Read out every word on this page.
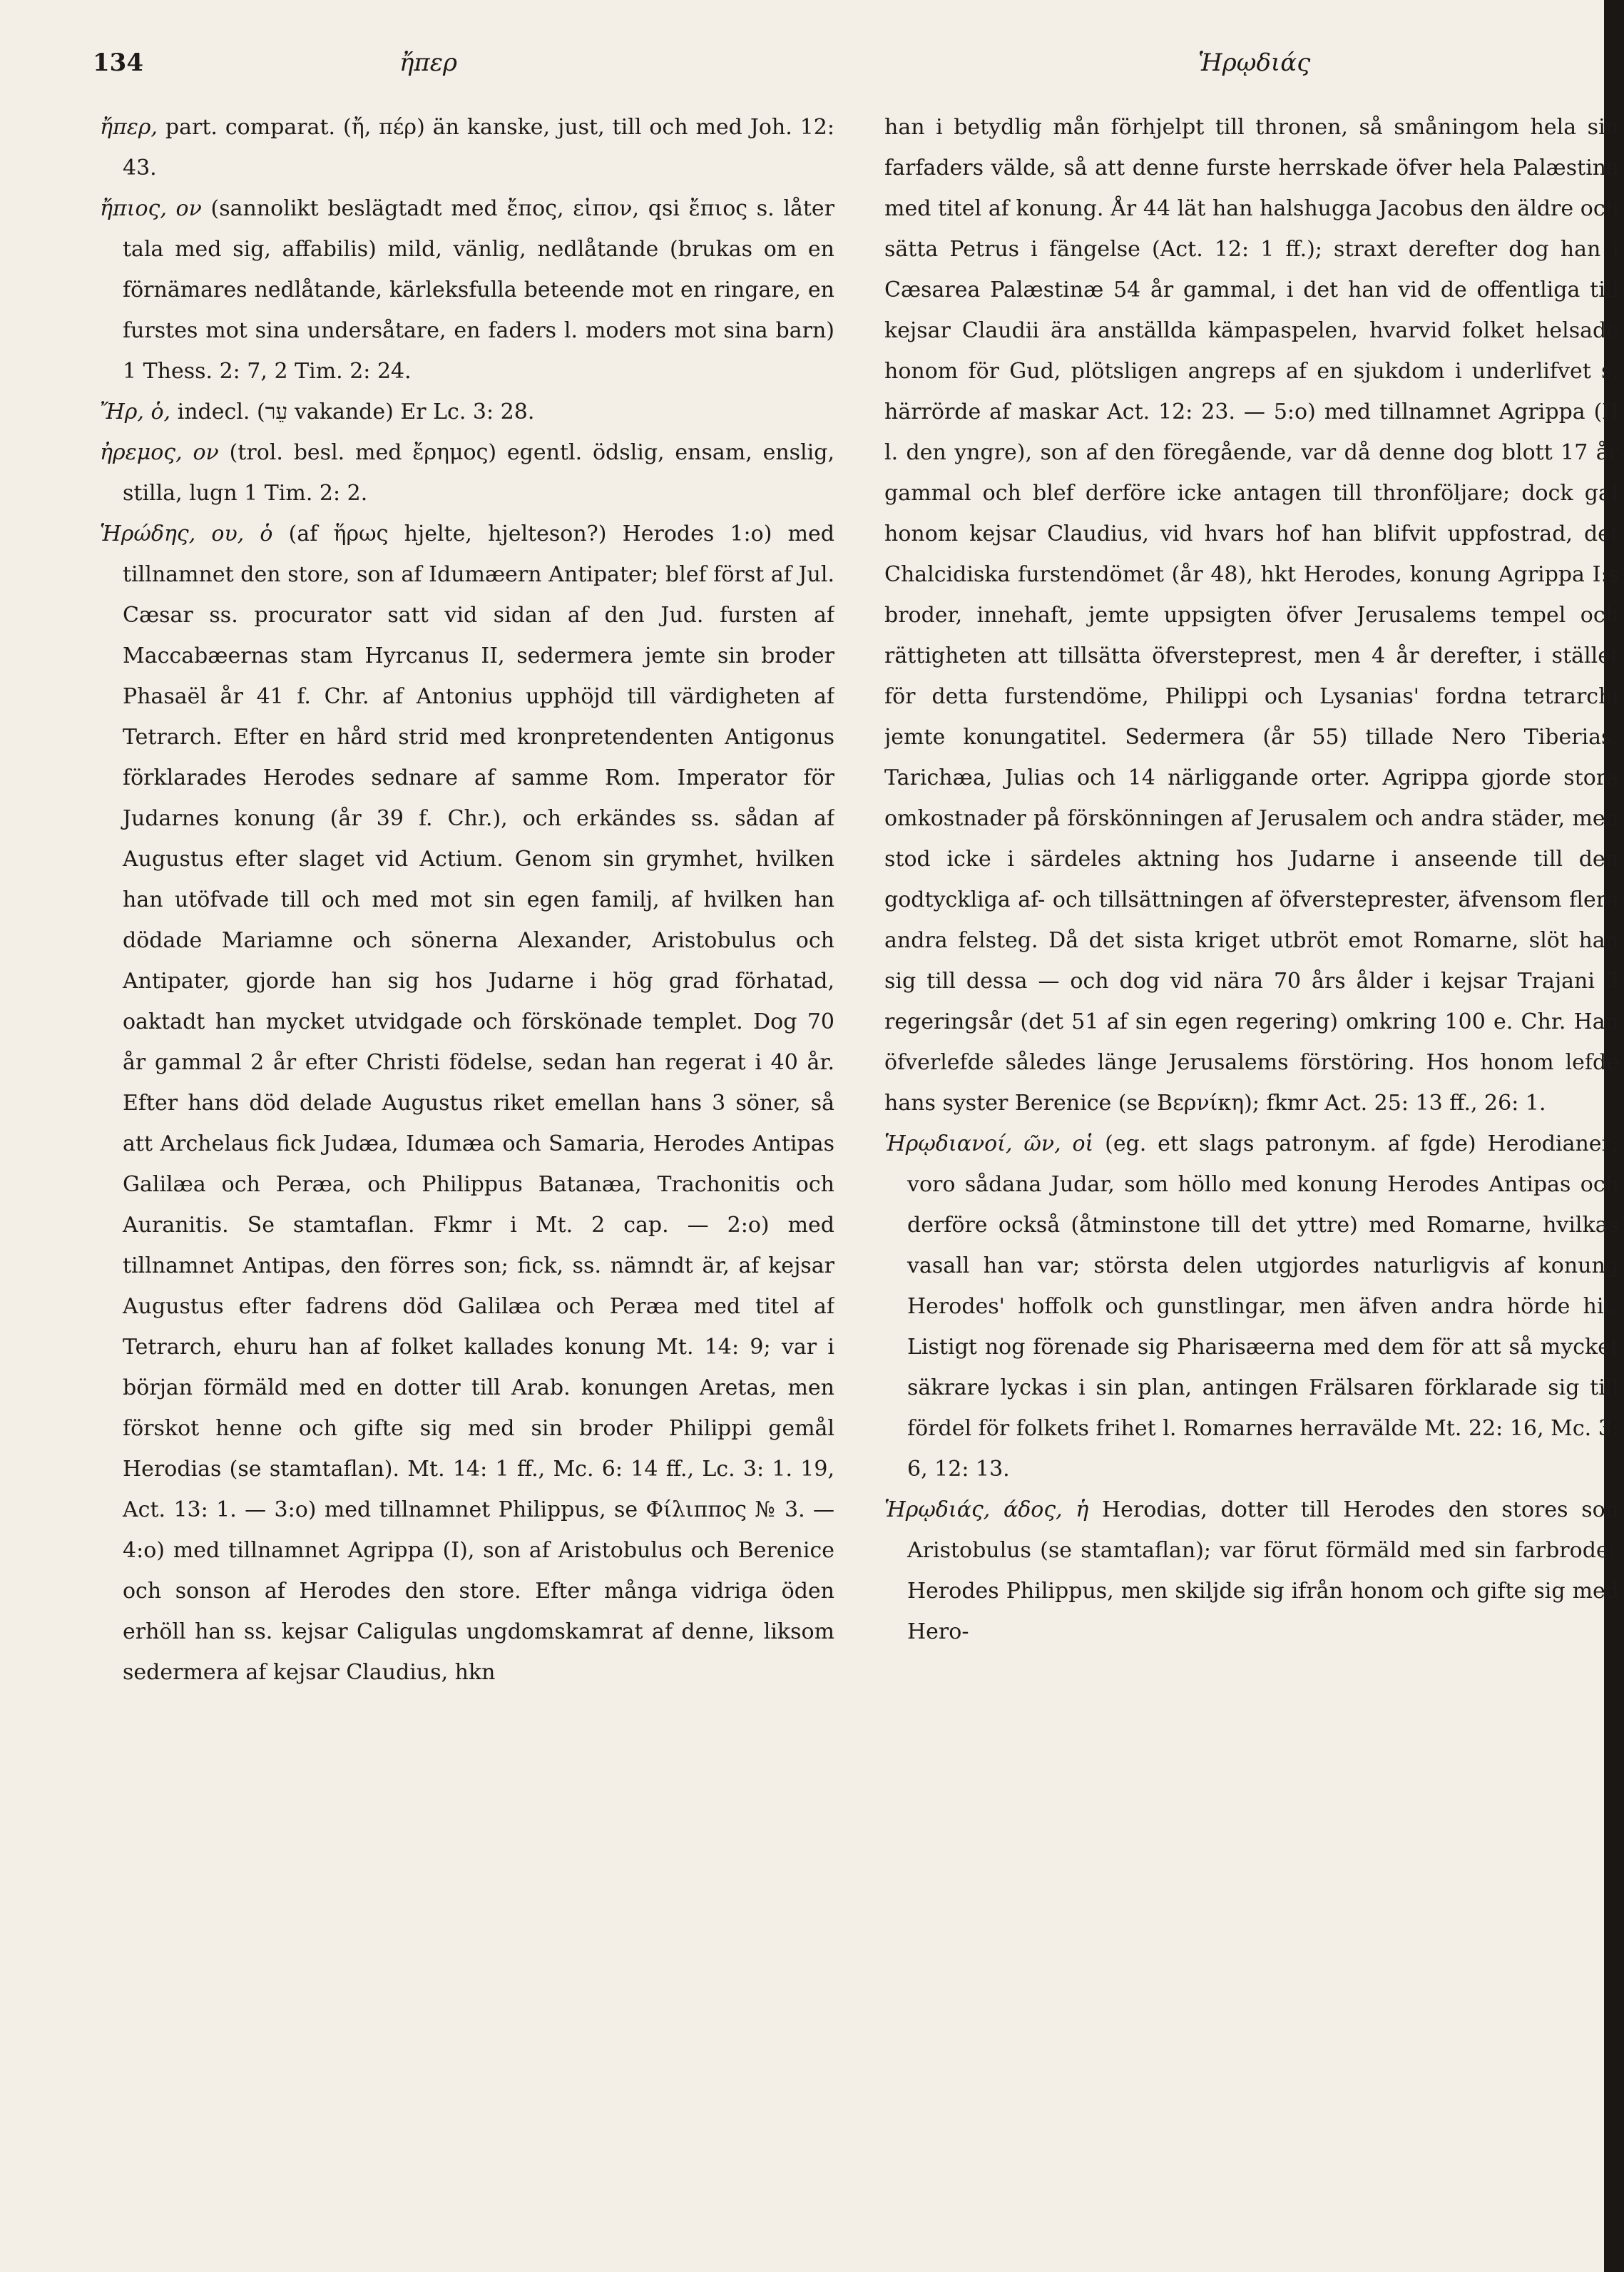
134	ἤπερ	Ἡρῳδιάς

ἤπερ, part. comparat. (ἤ, πέρ) än kanske, just, till och med Joh. 12: 43.

ἤπιος, ον (sannolikt beslägtadt med ἔπος, εἰπον, qsi ἔπιος s. låter tala med sig, affabilis) mild, vänlig, nedlåtande (brukas om en förnämares nedlåtande, kärleksfulla beteende mot en ringare, en furstes mot sina undersåtare, en faders l. moders mot sina barn) 1 Thess. 2: 7, 2 Tim. 2: 24.

Ἤρ, ὁ, indecl. (עֵר vakande) Er Lc. 3: 28.

ἠρεμος, ον (trol. besl. med ἔρημος) egentl. ödslig, ensam, enslig, stilla, lugn 1 Tim. 2: 2.

Ἡρώδης, ου, ὁ (af ἥρως hjelte, hjelteson?) Herodes 1:o) med tillnamnet den store, son af Idumæern Antipater; blef först af Jul. Cæsar ss. procurator satt vid sidan af den Jud. fursten af Maccabæernas stam Hyrcanus II, sedermera jemte sin broder Phasaël år 41 f. Chr. af Antonius upphöjd till värdigheten af Tetrarch. Efter en hård strid med kronpretendenten Antigonus förklarades Herodes sednare af samme Rom. Imperator för Judarnes konung (år 39 f. Chr.), och erkändes ss. sådan af Augustus efter slaget vid Actium. Genom sin grymhet, hvilken han utöfvade till och med mot sin egen familj, af hvilken han dödade Mariamne och sönerna Alexander, Aristobulus och Antipater, gjorde han sig hos Judarne i hög grad förhatad, oaktadt han mycket utvidgade och förskönade templet. Dog 70 år gammal 2 år efter Christi födelse, sedan han regerat i 40 år. Efter hans död delade Augustus riket emellan hans 3 söner, så att Archelaus fick Judæa, Idumæa och Samaria, Herodes Antipas Galilæa och Peræa, och Philippus Batanæa, Trachonitis och Auranitis. Se stamtaflan. Fkmr i Mt. 2 cap. — 2:o) med tillnamnet Antipas, den förres son; fick, ss. nämndt är, af kejsar Augustus efter fadrens död Galilæa och Peræa med titel af Tetrarch, ehuru han af folket kallades konung Mt. 14: 9; var i början förmäld med en dotter till Arab. konungen Aretas, men förskot henne och gifte sig med sin broder Philippi gemål Herodias (se stamtaflan). Mt. 14: 1 ff., Mc. 6: 14 ff., Lc. 3: 1. 19, Act. 13: 1. — 3:o) med tillnamnet Philippus, se Φίλιππος № 3. — 4:o) med tillnamnet Agrippa (I), son af Aristobulus och Berenice och sonson af Herodes den store. Efter många vidriga öden erhöll han ss. kejsar Caligulas ungdomskamrat af denne, liksom sedermera af kejsar Claudius, hkn

han i betydlig mån förhjelpt till thronen, så småningom hela sin farfaders välde, så att denne furste herrskade öfver hela Palæstina med titel af konung. År 44 lät han halshugga Jacobus den äldre och sätta Petrus i fängelse (Act. 12: 1 ff.); straxt derefter dog han i Cæsarea Palæstinæ 54 år gammal, i det han vid de offentliga till kejsar Claudii ära anställda kämpaspelen, hvarvid folket helsade honom för Gud, plötsligen angreps af en sjukdom i underlifvet s. härrörde af maskar Act. 12: 23. — 5:o) med tillnamnet Agrippa (II l. den yngre), son af den föregående, var då denne dog blott 17 år gammal och blef derföre icke antagen till thronföljare; dock gaf honom kejsar Claudius, vid hvars hof han blifvit uppfostrad, det Chalcidiska furstendömet (år 48), hkt Herodes, konung Agrippa I:s broder, innehaft, jemte uppsigten öfver Jerusalems tempel och rättigheten att tillsätta öfversteprest, men 4 år derefter, i stället för detta furstendöme, Philippi och Lysanias' fordna tetrarchi jemte konungatitel. Sedermera (år 55) tillade Nero Tiberias, Tarichæa, Julias och 14 närliggande orter. Agrippa gjorde stora omkostnader på förskönningen af Jerusalem och andra städer, men stod icke i särdeles aktning hos Judarne i anseende till den godtyckliga af- och tillsättningen af öfversteprester, äfvensom flera andra felsteg. Då det sista kriget utbröt emot Romarne, slöt han sig till dessa — och dog vid nära 70 års ålder i kejsar Trajani 3 regeringsår (det 51 af sin egen regering) omkring 100 e. Chr. Han öfverlefde således länge Jerusalems förstöring. Hos honom lefde hans syster Berenice (se Βερνίκη); fkmr Act. 25: 13 ff., 26: 1.

Ἡρῳδιανοί, ῶν, οἱ (eg. ett slags patronym. af fgde) Herodianer; voro sådana Judar, som höllo med konung Herodes Antipas och derföre också (åtminstone till det yttre) med Romarne, hvilkas vasall han var; största delen utgjordes naturligvis af konung Herodes' hoffolk och gunstlingar, men äfven andra hörde hit. Listigt nog förenade sig Pharisæerna med dem för att så mycket säkrare lyckas i sin plan, antingen Frälsaren förklarade sig till fördel för folkets frihet l. Romarnes herravälde Mt. 22: 16, Mc. 3: 6, 12: 13.

Ἡρῳδιάς, άδος, ἡ Herodias, dotter till Herodes den stores son Aristobulus (se stamtaflan); var förut förmäld med sin farbroder Herodes Philippus, men skiljde sig ifrån honom och gifte sig med Hero-
